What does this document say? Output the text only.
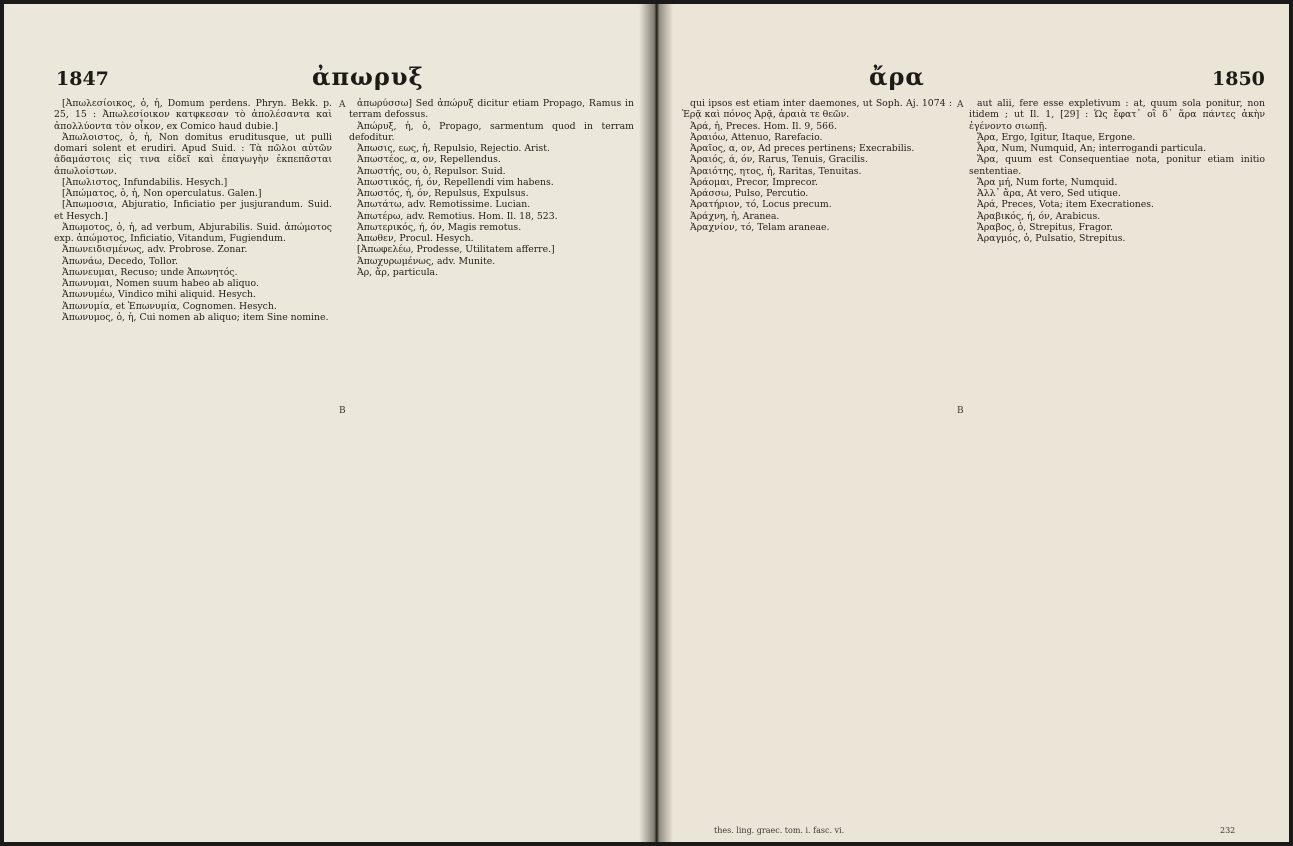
1847	ἀπωρυξ

[Ἀπωλεσίοικος, ὁ, ἡ, Domum perdens. Phryn. Bekk. p. 25, 15 : Ἀπωλεσίοικον κατφκεσαν τὸ ἀπολέσαντα καὶ ἀπολλύοντα τὸν οἶκον, ex Comico haud dubie.]

Ἀπωλοιστος, ὁ, ἡ, Non domitus eruditusque, ut pulli domari solent et erudiri. Apud Suid. : Τὰ πῶλοι αὐτῶν ἀδαμάστοις εἰς τινα εἰδεῖ καὶ ἐπαγωγὴν ἐκπεπᾶσται ἀπωλοίστων.

[Ἀπωλιστος, Infundabilis. Hesych.]

[Ἀπώματος, ὁ, ἡ, Non operculatus. Galen.]

[Ἀπωμοσια, Abjuratio, Inficiatio per jusjurandum. Suid. et Hesych.]

Ἀπωμοτος, ὁ, ἡ, ad verbum, Abjurabilis. Suid. ἀπώμοτος exp. ἀπώμοτος, Inficiatio, Vitandum, Fugiendum.

Ἀπωνειδισμένως, adv. Probrose. Zonar.

Ἀπωνάω, Decedo, Tollor.

Ἀπωνευμαι, Recuso; unde Ἀπωνητός.

Ἀπωνυμαι, Nomen suum habeo ab aliquo.

Ἀπωνυμέω, Vindico mihi aliquid. Hesych.

Ἀπωνυμία, et Ἐπωνυμία, Cognomen. Hesych.

Ἀπωνυμος, ὁ, ἡ, Cui nomen ab aliquo; item Sine nomine.

A
B

ἀπωρύσσω] Sed ἀπώρυξ dicitur etiam Propago, Ramus in terram defossus.

Ἀπώρυξ, ἡ, ὁ, Propago, sarmentum quod in terram defoditur.

Ἀπωσις, εως, ἡ, Repulsio, Rejectio. Arist.

Ἀπωστέος, α, ον, Repellendus.

Ἀπωστής, ου, ὁ, Repulsor. Suid.

Ἀπωστικός, ή, όν, Repellendi vim habens.

Ἀπωστός, ή, όν, Repulsus, Expulsus.

Ἀπωτάτω, adv. Remotissime. Lucian.

Ἀπωτέρω, adv. Remotius. Hom. Il. 18, 523.

Ἀπωτερικός, ή, όν, Magis remotus.

Ἀπωθεν, Procul. Hesych.

[Ἀπωφελέω, Prodesse, Utilitatem afferre.]

Ἀπωχυρωμένως, adv. Munite.

Ἀρ, ἄρ, particula.

ἄρα	1850

qui ipsos est etiam inter daemones, ut Soph. Aj. 1074 : Ἐρᾷ καὶ πόνος Ἀρᾷ, ἀραιὰ τε θεῶν.

Ἀρά, ἡ, Preces. Hom. Il. 9, 566.

Ἀραιόω, Attenuo, Rarefacio.

Ἀραῖος, α, ον, Ad preces pertinens; Execrabilis.

Ἀραιός, ά, όν, Rarus, Tenuis, Gracilis.

Ἀραιότης, ητος, ἡ, Raritas, Tenuitas.

Ἀράομαι, Precor, Imprecor.

Ἀράσσω, Pulso, Percutio.

Ἀρατήριον, τό, Locus precum.

Ἀράχνη, ἡ, Aranea.

Ἀραχνίον, τό, Telam araneae.

A
B

aut alii, fere esse expletivum : at, quum sola ponitur, non itidem ; ut Il. 1, [29] : Ὡς ἔφατ᾽ οἳ δ᾽ ἄρα πάντες ἀκὴν ἐγένοντο σιωπῇ.

Ἄρα, Ergo, Igitur, Itaque, Ergone.

Ἆρα, Num, Numquid, An; interrogandi particula.

Ἄρα, quum est Consequentiae nota, ponitur etiam initio sententiae.

Ἄρα μή, Num forte, Numquid.

Ἀλλ᾽ ἄρα, At vero, Sed utique.

Ἀρά, Preces, Vota; item Execrationes.

Ἀραβικός, ή, όν, Arabicus.

Ἄραβος, ὁ, Strepitus, Fragor.

Ἀραγμός, ὁ, Pulsatio, Strepitus.

thes. ling. graec. tom. i. fasc. vi.	232
